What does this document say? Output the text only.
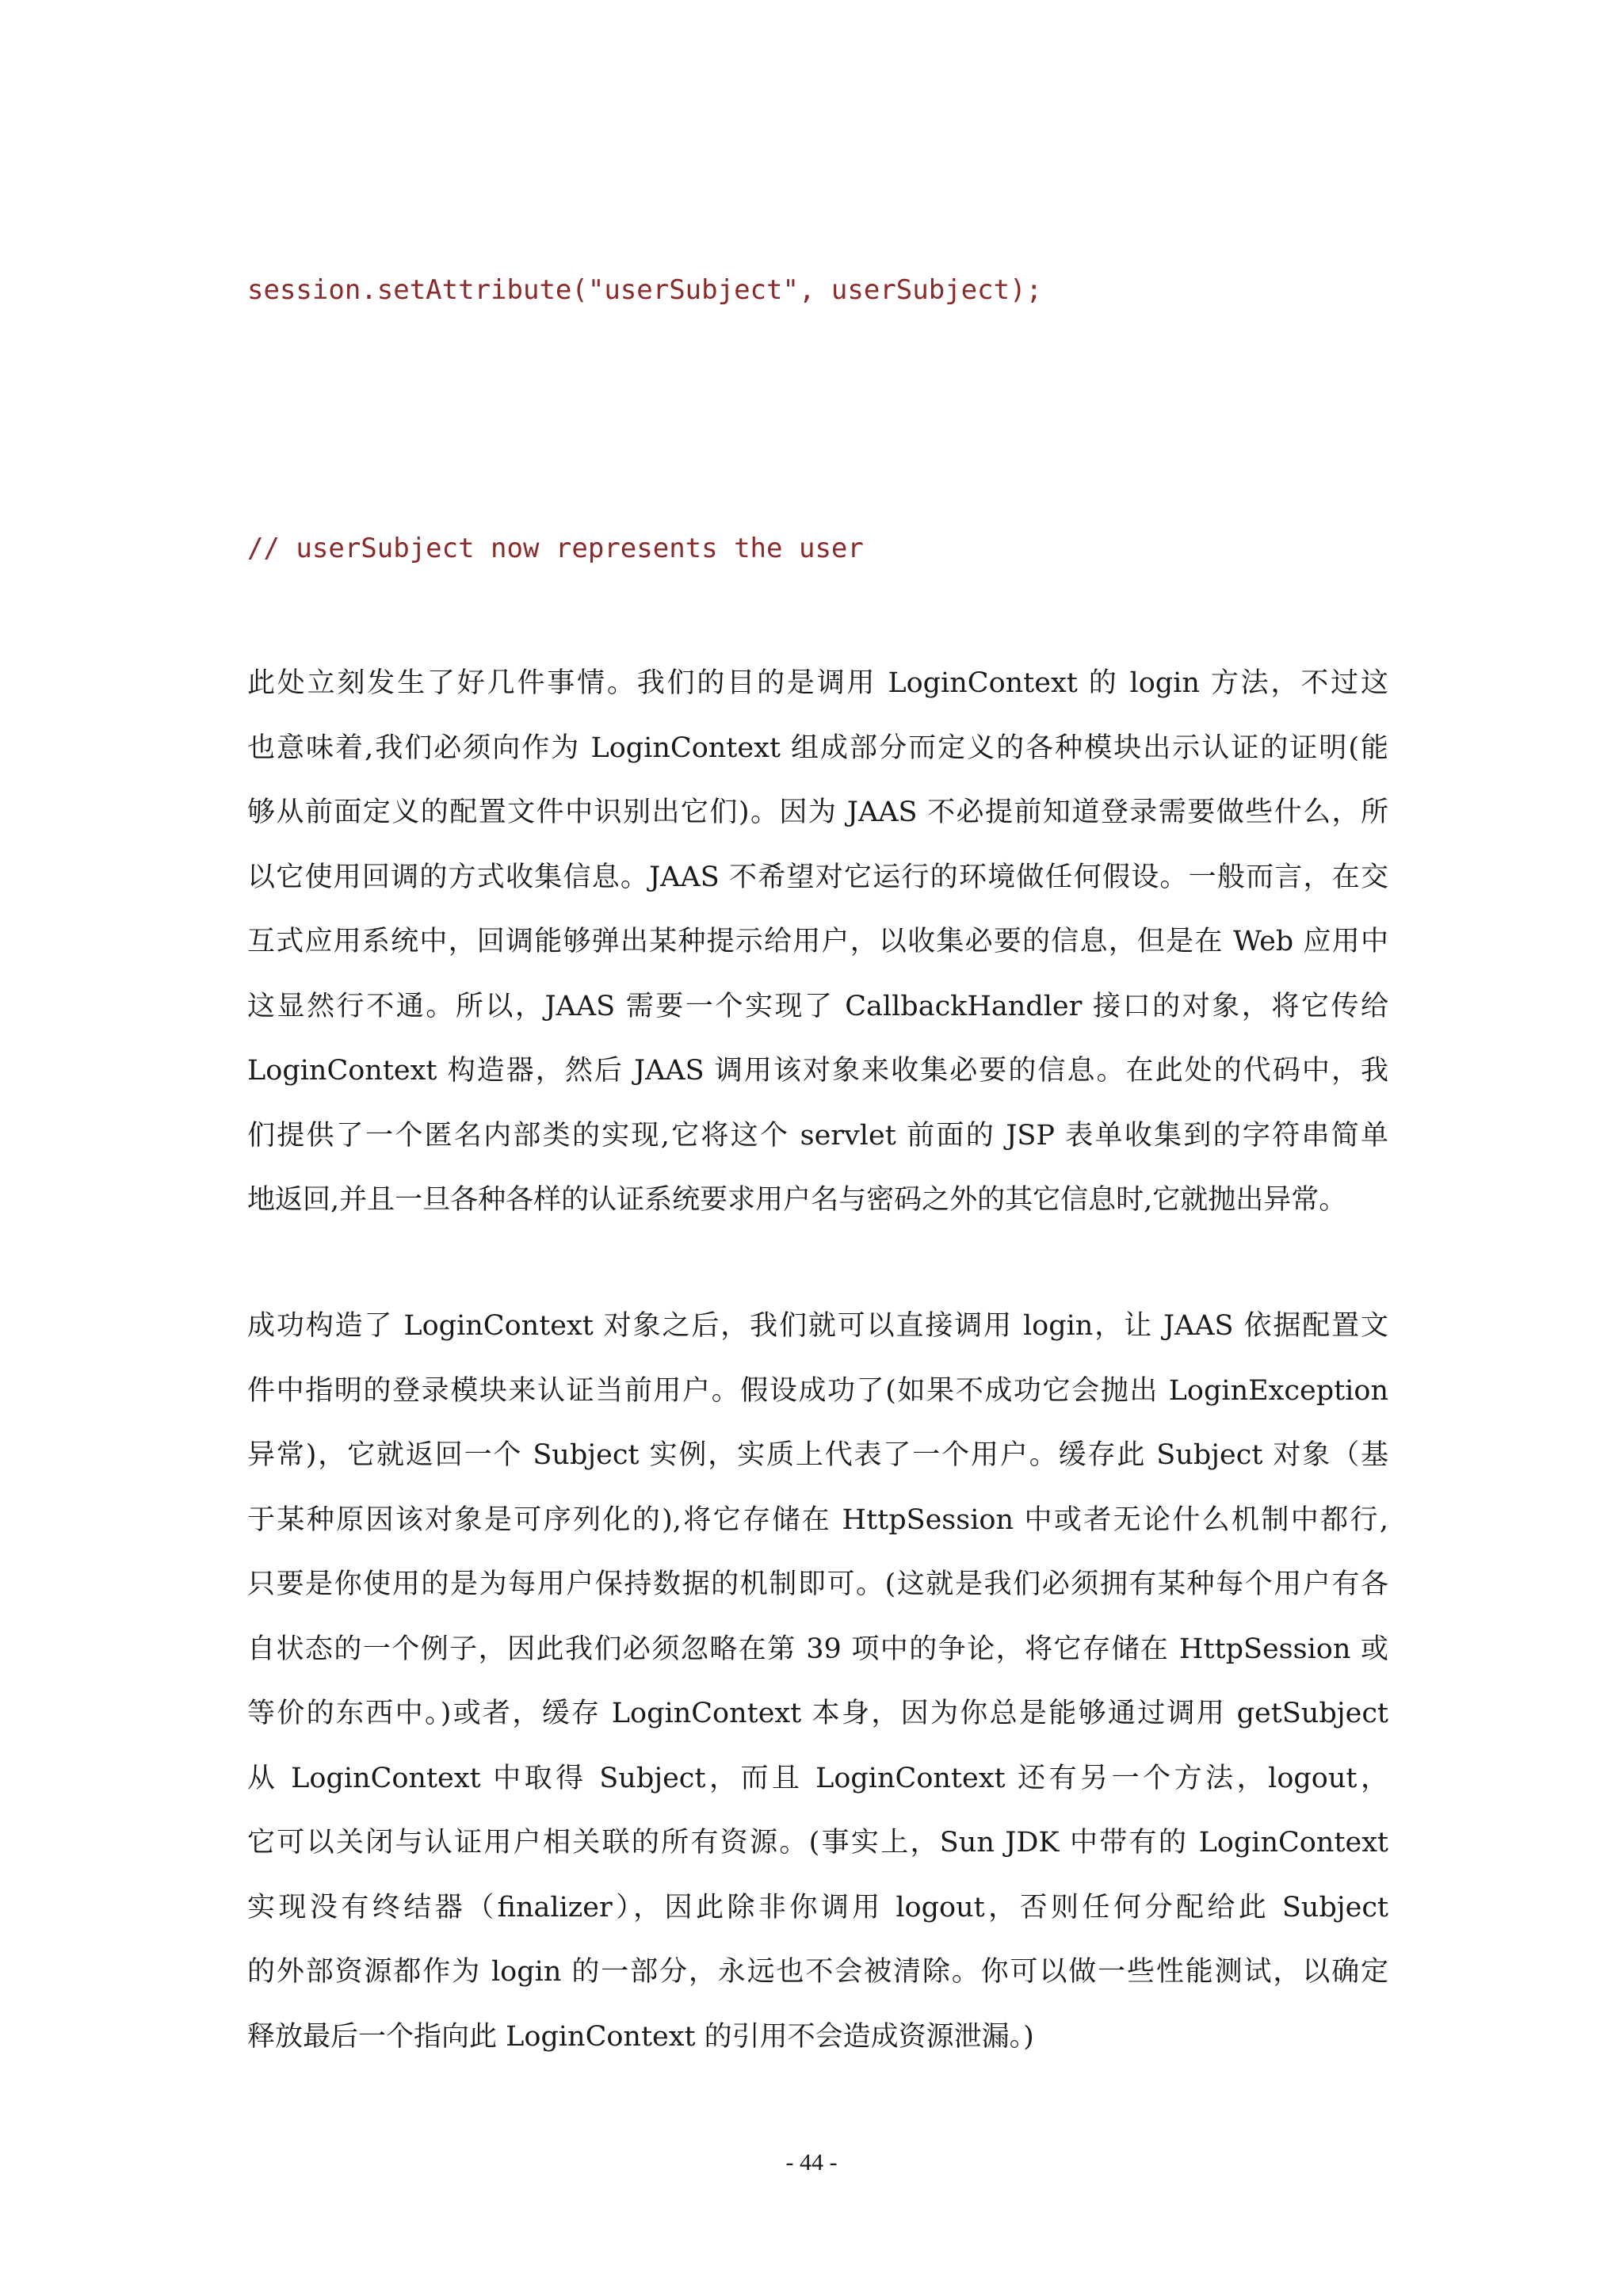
session.setAttribute("userSubject", userSubject);
// userSubject now represents the user
此处立刻发生了好几件事情。我们的目的是调用 LoginContext 的 login 方法，不过这
也意味着,我们必须向作为 LoginContext 组成部分而定义的各种模块出示认证的证明(能
够从前面定义的配置文件中识别出它们)。因为 JAAS 不必提前知道登录需要做些什么，所
以它使用回调的方式收集信息。JAAS 不希望对它运行的环境做任何假设。一般而言，在交
互式应用系统中，回调能够弹出某种提示给用户，以收集必要的信息，但是在 Web 应用中
这显然行不通。所以，JAAS 需要一个实现了 CallbackHandler 接口的对象，将它传给
LoginContext 构造器，然后 JAAS 调用该对象来收集必要的信息。在此处的代码中，我
们提供了一个匿名内部类的实现,它将这个 servlet 前面的 JSP 表单收集到的字符串简单
地返回,并且一旦各种各样的认证系统要求用户名与密码之外的其它信息时,它就抛出异常。
成功构造了 LoginContext 对象之后，我们就可以直接调用 login，让 JAAS 依据配置文
件中指明的登录模块来认证当前用户。假设成功了(如果不成功它会抛出 LoginException
异常)，它就返回一个 Subject 实例，实质上代表了一个用户。缓存此 Subject 对象（基
于某种原因该对象是可序列化的),将它存储在 HttpSession 中或者无论什么机制中都行,
只要是你使用的是为每用户保持数据的机制即可。(这就是我们必须拥有某种每个用户有各
自状态的一个例子，因此我们必须忽略在第 39 项中的争论，将它存储在 HttpSession 或
等价的东西中。)或者，缓存 LoginContext 本身，因为你总是能够通过调用 getSubject
从 LoginContext 中取得 Subject，而且 LoginContext 还有另一个方法，logout，
它可以关闭与认证用户相关联的所有资源。(事实上，Sun JDK 中带有的 LoginContext
实现没有终结器（finalizer），因此除非你调用 logout，否则任何分配给此 Subject
的外部资源都作为 login 的一部分，永远也不会被清除。你可以做一些性能测试，以确定
释放最后一个指向此 LoginContext 的引用不会造成资源泄漏。)

- 44 -
